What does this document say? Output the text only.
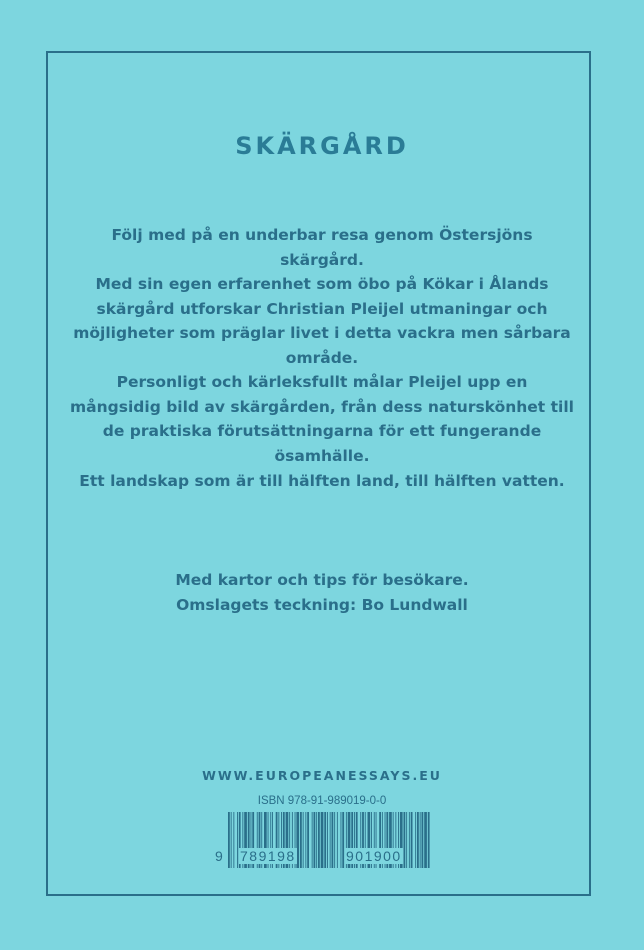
SKÄRGÅRD

Följ med på en underbar resa genom Östersjöns skärgård.

Med sin egen erfarenhet som öbo på Kökar i Ålands skärgård utforskar Christian Pleijel utmaningar och möjligheter som präglar livet i detta vackra men sårbara område.

Personligt och kärleksfullt målar Pleijel upp en mångsidig bild av skärgården, från dess naturskönhet till de praktiska förutsättningarna för ett fungerande ösamhälle.

Ett landskap som är till hälften land, till hälften vatten.

Med kartor och tips för besökare.

Omslagets teckning: Bo Lundwall

WWW.EUROPEANESSAYS.EU
ISBN 978-91-989019-0-0
9 789198	901900
